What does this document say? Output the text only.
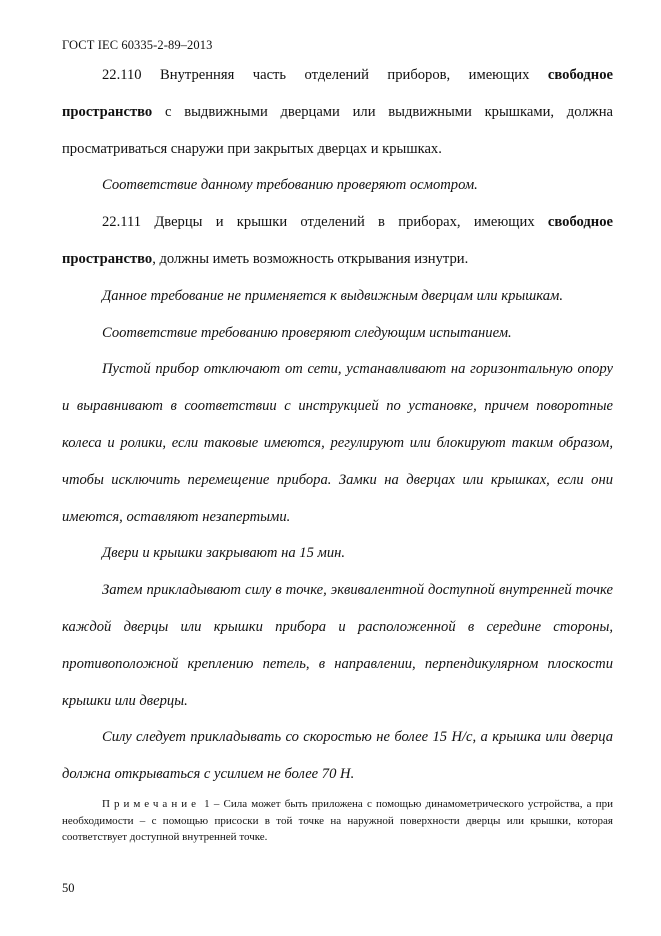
ГОСТ IEC 60335-2-89–2013

22.110 Внутренняя часть отделений приборов, имеющих свободное пространство с выдвижными дверцами или выдвижными крышками, должна просматриваться снаружи при закрытых дверцах и крышках.

Соответствие данному требованию проверяют осмотром.

22.111 Дверцы и крышки отделений в приборах, имеющих свободное пространство, должны иметь возможность открывания изнутри.

Данное требование не применяется к выдвижным дверцам или крышкам.

Соответствие требованию проверяют следующим испытанием.

Пустой прибор отключают от сети, устанавливают на горизонтальную опору и выравнивают в соответствии с инструкцией по установке, причем поворотные колеса и ролики, если таковые имеются, регулируют или блокируют таким образом, чтобы исключить перемещение прибора. Замки на дверцах или крышках, если они имеются, оставляют незапертыми.

Двери и крышки закрывают на 15 мин.

Затем прикладывают силу в точке, эквивалентной доступной внутренней точке каждой дверцы или крышки прибора и расположенной в середине стороны, противоположной креплению петель, в направлении, перпендикулярном плоскости крышки или дверцы.

Силу следует прикладывать со скоростью не более 15 Н/с, а крышка или дверца должна открываться с усилием не более 70 Н.

Примечание 1 – Сила может быть приложена с помощью динамометрического устройства, а при необходимости – с помощью присоски в той точке на наружной поверхности дверцы или крышки, которая соответствует доступной внутренней точке.

50
